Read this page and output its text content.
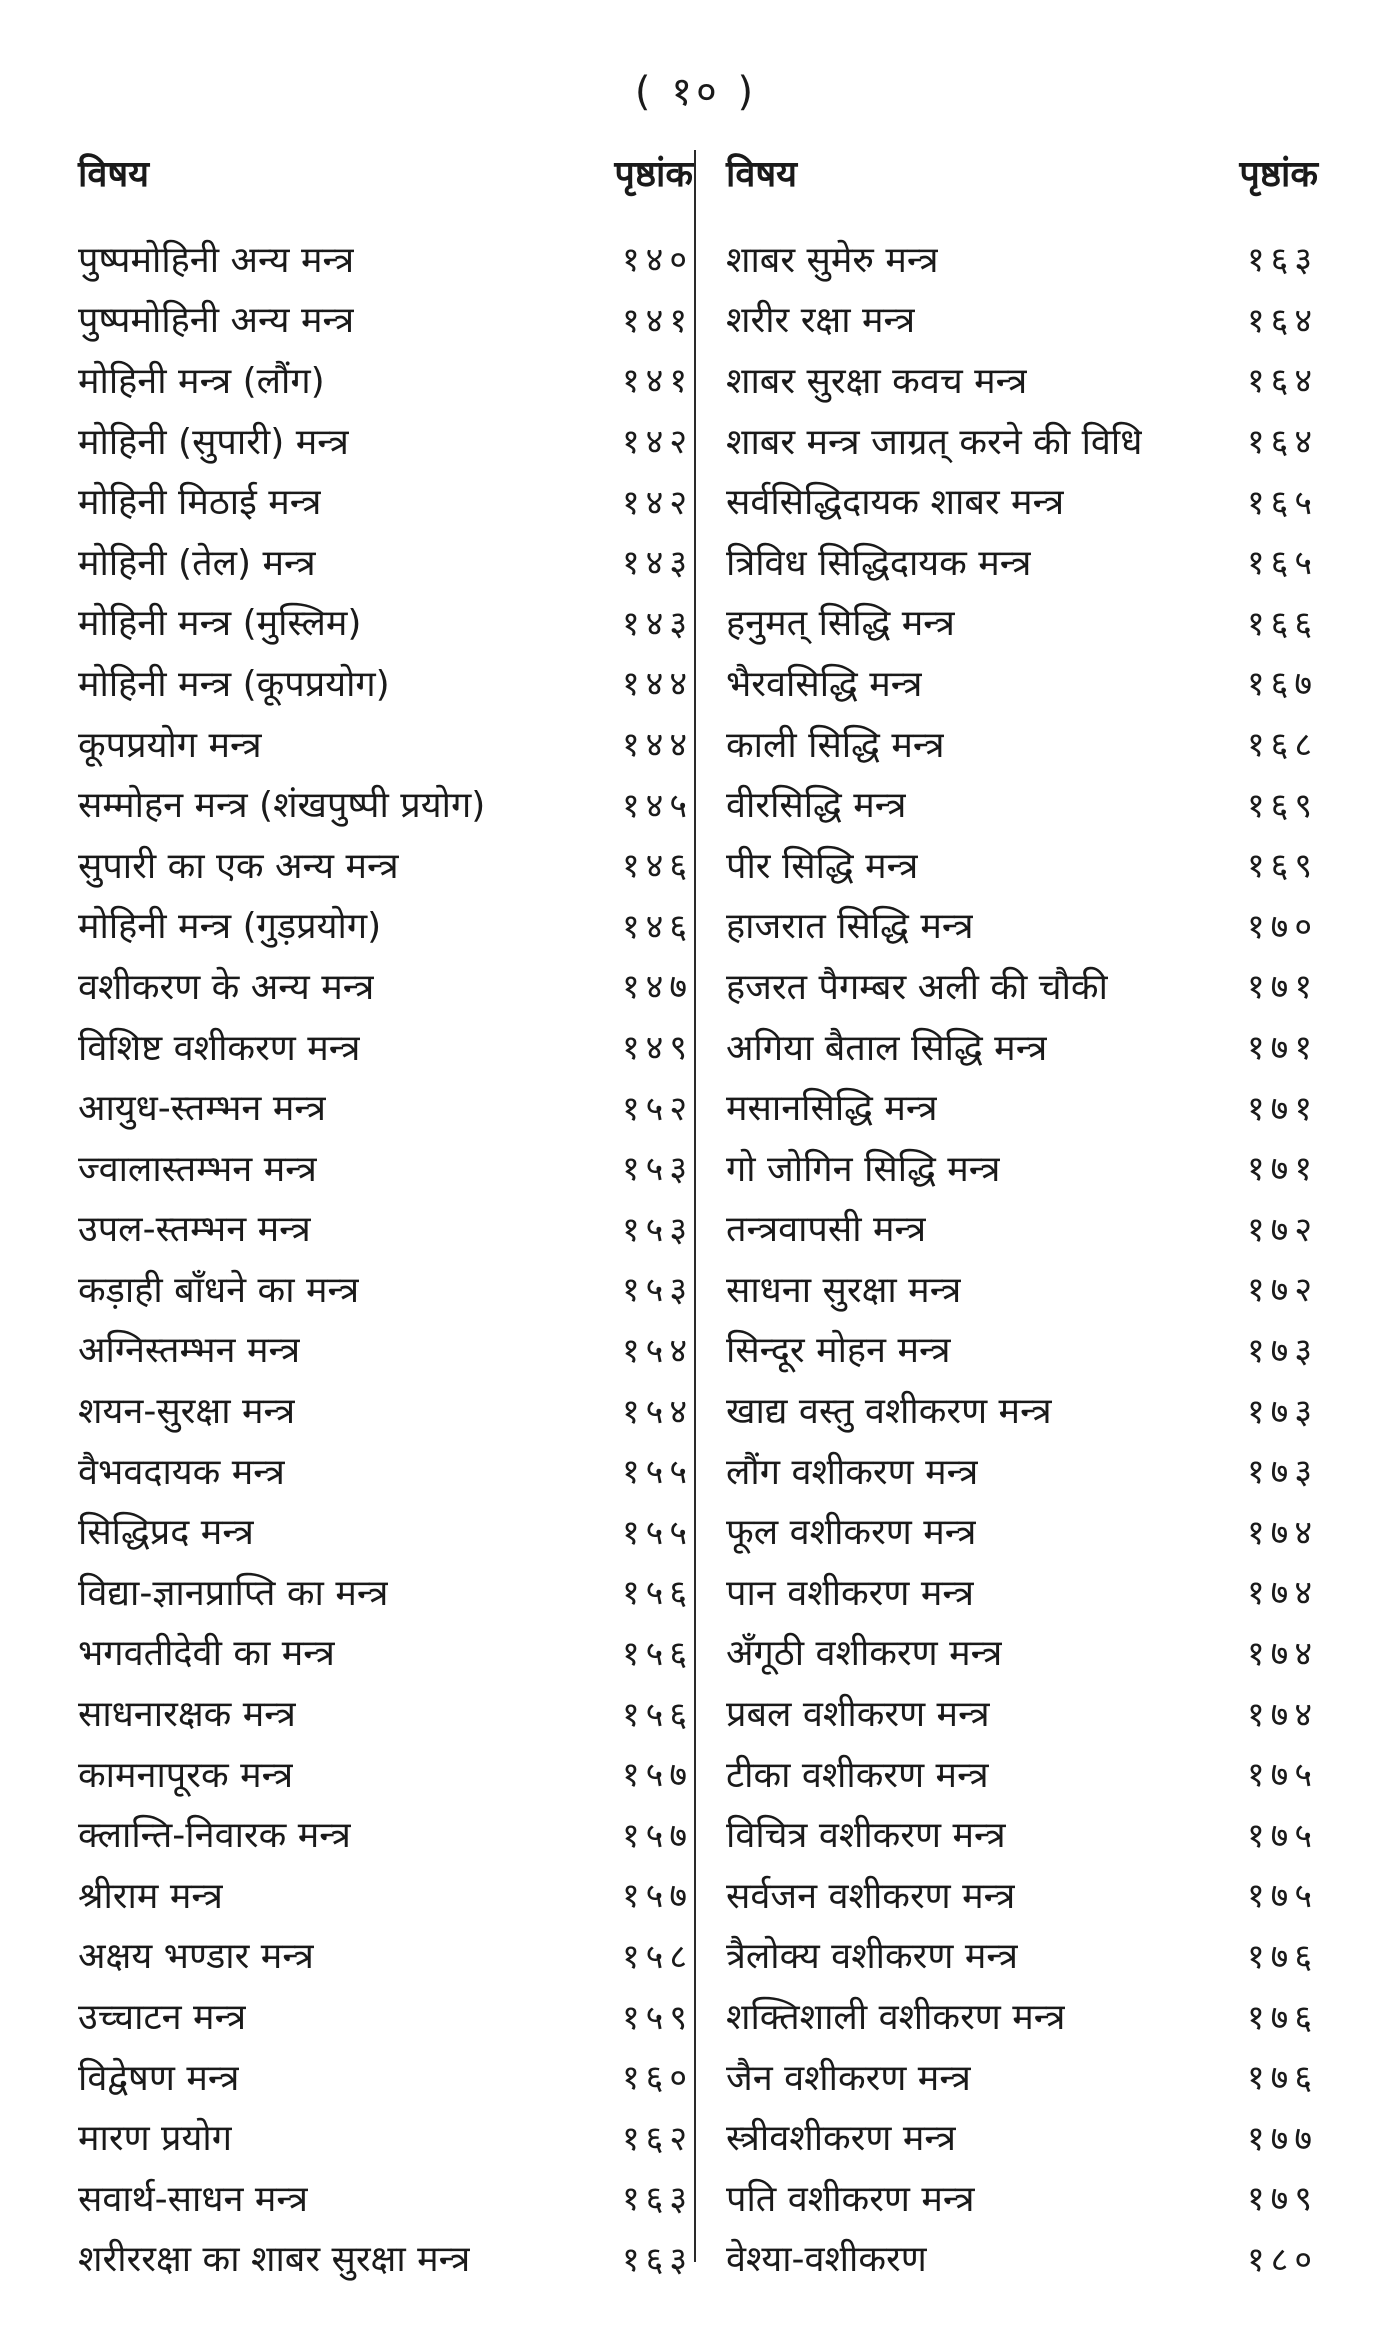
( १० )
विषय	पृष्ठांक
पुष्पमोहिनी अन्य मन्त्र	१४०
पुष्पमोहिनी अन्य मन्त्र	१४१
मोहिनी मन्त्र (लौंग)	१४१
मोहिनी (सुपारी) मन्त्र	१४२
मोहिनी मिठाई मन्त्र	१४२
मोहिनी (तेल) मन्त्र	१४३
मोहिनी मन्त्र (मुस्लिम)	१४३
मोहिनी मन्त्र (कूपप्रयोग)	१४४
कूपप्रयोग मन्त्र	१४४
सम्मोहन मन्त्र (शंखपुष्पी प्रयोग)	१४५
सुपारी का एक अन्य मन्त्र	१४६
मोहिनी मन्त्र (गुड़प्रयोग)	१४६
वशीकरण के अन्य मन्त्र	१४७
विशिष्ट वशीकरण मन्त्र	१४९
आयुध-स्तम्भन मन्त्र	१५२
ज्वालास्तम्भन मन्त्र	१५३
उपल-स्तम्भन मन्त्र	१५३
कड़ाही बाँधने का मन्त्र	१५३
अग्निस्तम्भन मन्त्र	१५४
शयन-सुरक्षा मन्त्र	१५४
वैभवदायक मन्त्र	१५५
सिद्धिप्रद मन्त्र	१५५
विद्या-ज्ञानप्राप्ति का मन्त्र	१५६
भगवतीदेवी का मन्त्र	१५६
साधनारक्षक मन्त्र	१५६
कामनापूरक मन्त्र	१५७
क्लान्ति-निवारक मन्त्र	१५७
श्रीराम मन्त्र	१५७
अक्षय भण्डार मन्त्र	१५८
उच्चाटन मन्त्र	१५९
विद्वेषण मन्त्र	१६०
मारण प्रयोग	१६२
सवार्थ-साधन मन्त्र	१६३
शरीररक्षा का शाबर सुरक्षा मन्त्र	१६३
विषय	पृष्ठांक
शाबर सुमेरु मन्त्र	१६३
शरीर रक्षा मन्त्र	१६४
शाबर सुरक्षा कवच मन्त्र	१६४
शाबर मन्त्र जाग्रत् करने की विधि	१६४
सर्वसिद्धिदायक शाबर मन्त्र	१६५
त्रिविध सिद्धिदायक मन्त्र	१६५
हनुमत् सिद्धि मन्त्र	१६६
भैरवसिद्धि मन्त्र	१६७
काली सिद्धि मन्त्र	१६८
वीरसिद्धि मन्त्र	१६९
पीर सिद्धि मन्त्र	१६९
हाजरात सिद्धि मन्त्र	१७०
हजरत पैगम्बर अली की चौकी	१७१
अगिया बैताल सिद्धि मन्त्र	१७१
मसानसिद्धि मन्त्र	१७१
गो जोगिन सिद्धि मन्त्र	१७१
तन्त्रवापसी मन्त्र	१७२
साधना सुरक्षा मन्त्र	१७२
सिन्दूर मोहन मन्त्र	१७३
खाद्य वस्तु वशीकरण मन्त्र	१७३
लौंग वशीकरण मन्त्र	१७३
फूल वशीकरण मन्त्र	१७४
पान वशीकरण मन्त्र	१७४
अँगूठी वशीकरण मन्त्र	१७४
प्रबल वशीकरण मन्त्र	१७४
टीका वशीकरण मन्त्र	१७५
विचित्र वशीकरण मन्त्र	१७५
सर्वजन वशीकरण मन्त्र	१७५
त्रैलोक्य वशीकरण मन्त्र	१७६
शक्तिशाली वशीकरण मन्त्र	१७६
जैन वशीकरण मन्त्र	१७६
स्त्रीवशीकरण मन्त्र	१७७
पति वशीकरण मन्त्र	१७९
वेश्या-वशीकरण	१८०
